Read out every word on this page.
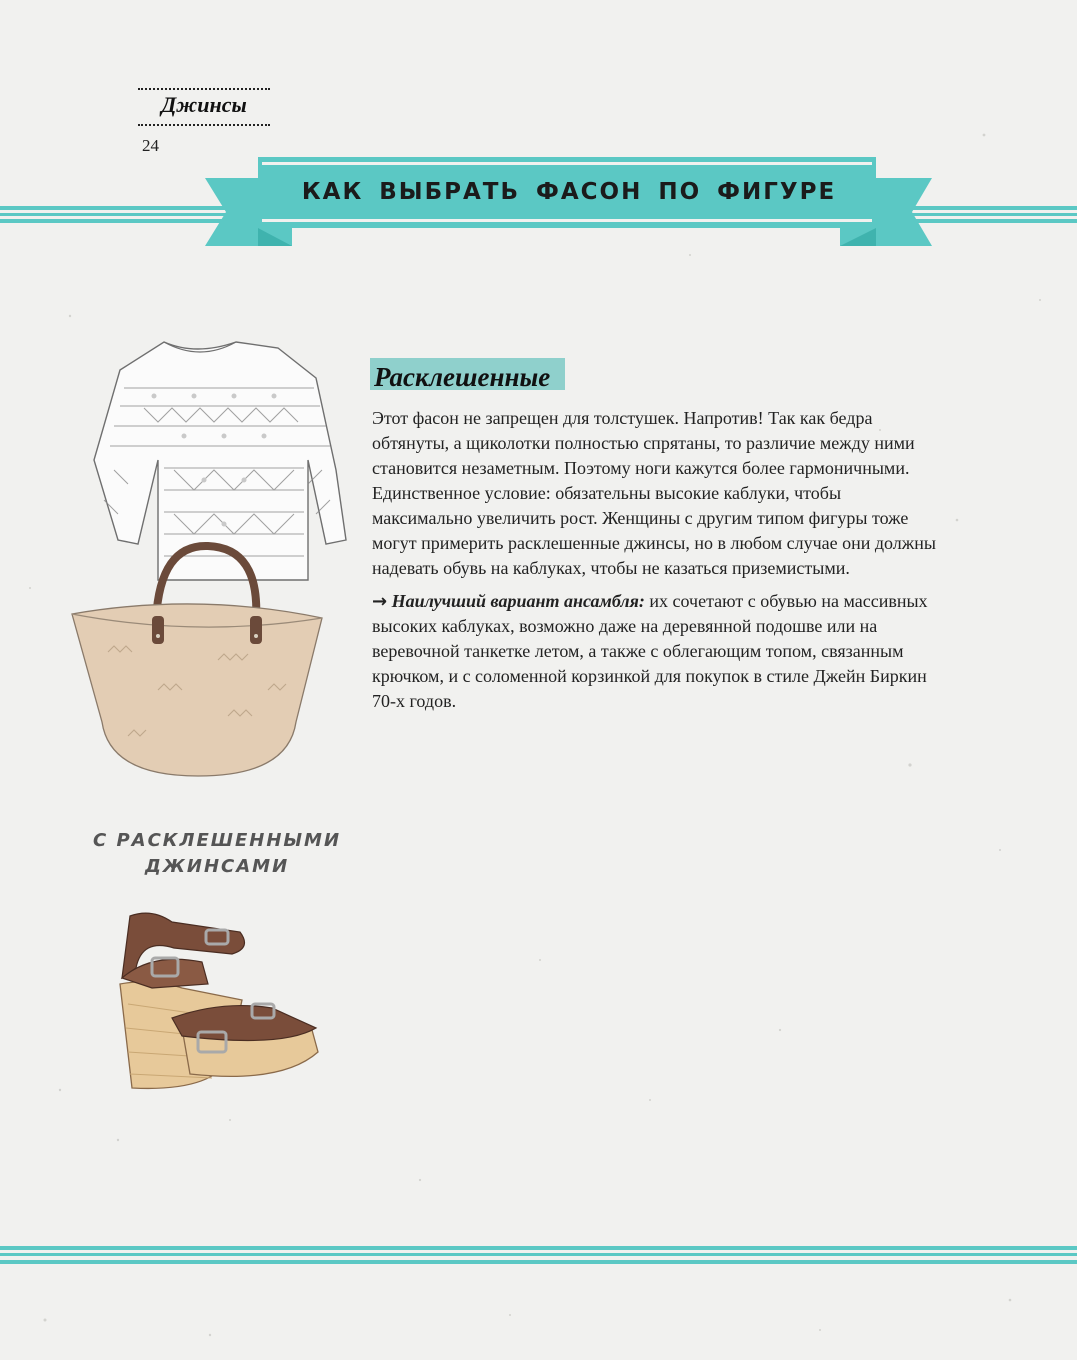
Джинсы
24
КАК ВЫБРАТЬ ФАСОН ПО ФИГУРЕ
Расклешенные

Этот фасон не запрещен для толстушек. Напротив! Так как бедра обтянуты, а щиколотки полностью спрятаны, то различие между ними становится незаметным. Поэтому ноги кажутся более гармоничными. Единственное условие: обязательны высокие каблуки, чтобы максимально увеличить рост. Женщины с другим типом фигуры тоже могут примерить расклешенные джинсы, но в любом случае они должны надевать обувь на каблуках, чтобы не казаться приземистыми.

→ Наилучший вариант ансамбля: их сочетают с обувью на массивных высоких каблуках, возможно даже на деревянной подошве или на веревочной танкетке летом, а также с облегающим топом, связанным крючком, и с соломенной корзинкой для покупок в стиле Джейн Биркин 70-х годов.

С РАСКЛЕШЕННЫМИ
ДЖИНСАМИ
